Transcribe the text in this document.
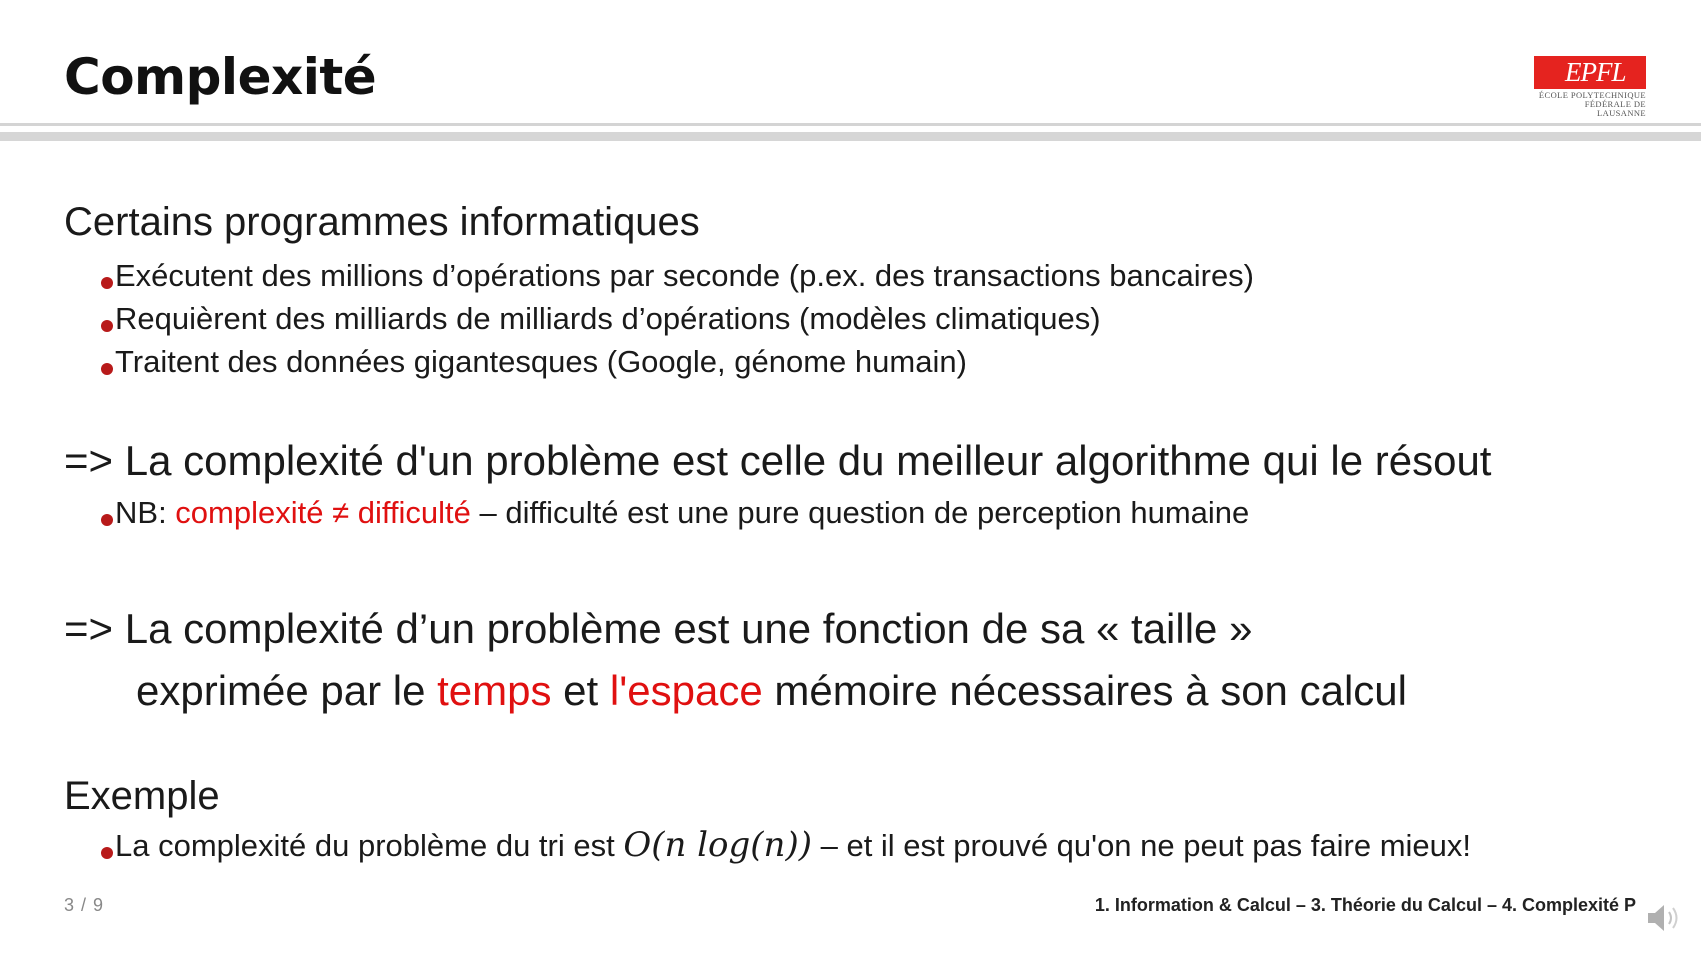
Complexité	EPFL
ÉCOLE POLYTECHNIQUE
FÉDÉRALE DE LAUSANNE
Certains programmes informatiques
Exécutent des millions d’opérations par seconde (p.ex. des transactions bancaires)
Requièrent des milliards de milliards d’opérations (modèles climatiques)
Traitent des données gigantesques (Google, génome humain)
=> La complexité d'un problème est celle du meilleur algorithme qui le résout
NB: complexité ≠ difficulté – difficulté est une pure question de perception humaine
=> La complexité d’un problème est une fonction de sa « taille »
exprimée par le temps et l'espace mémoire nécessaires à son calcul
Exemple
La complexité du problème du tri est O(n log(n)) – et il est prouvé qu'on ne peut pas faire mieux!
3 / 9	1. Information & Calcul – 3. Théorie du Calcul – 4. Complexité P
